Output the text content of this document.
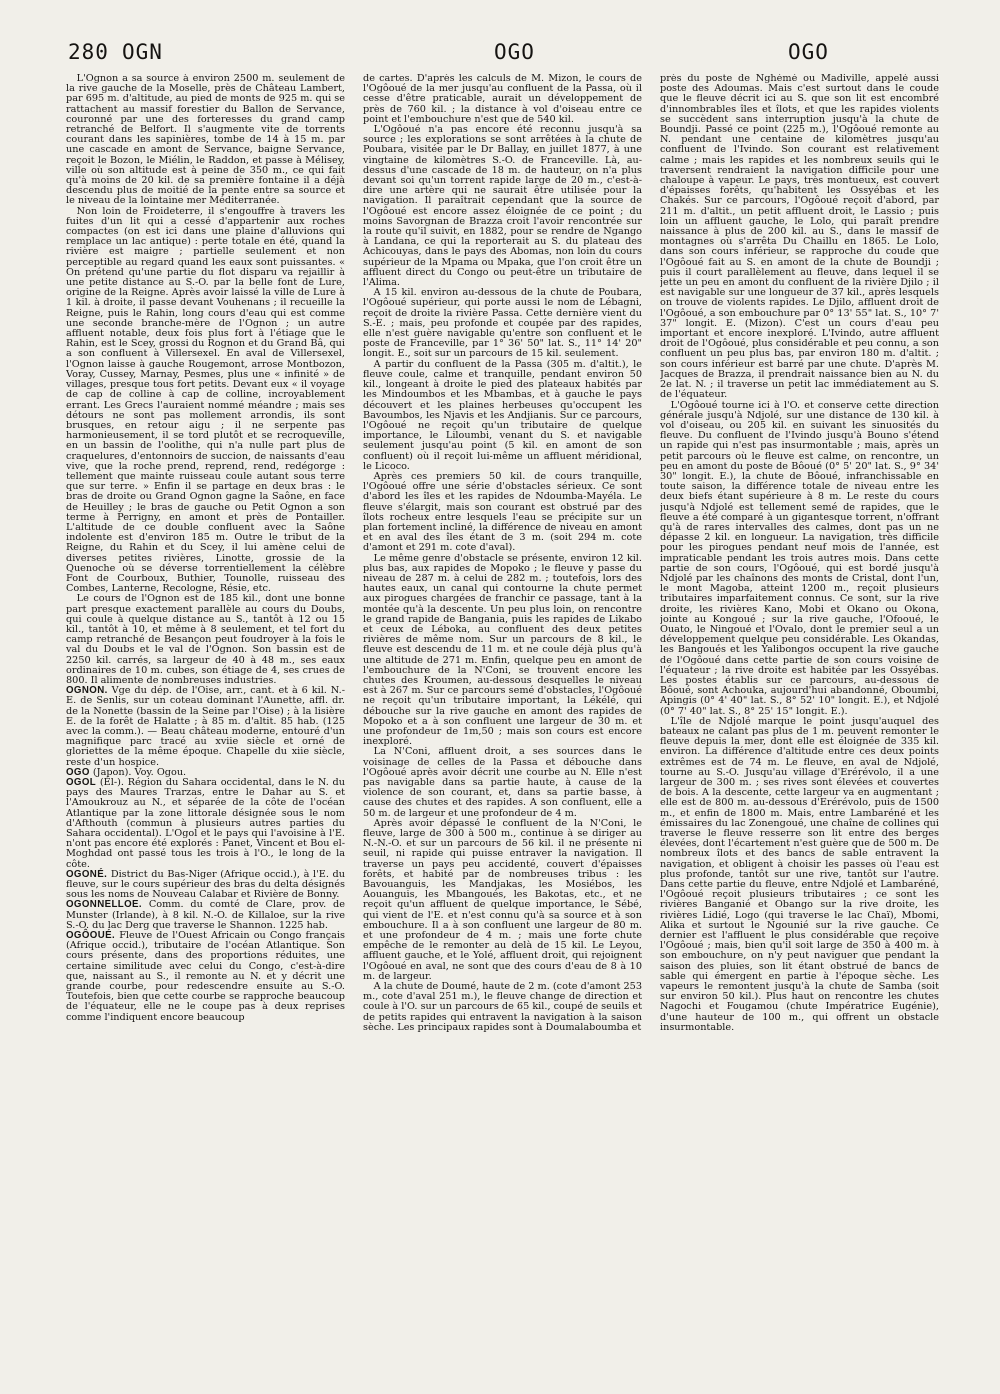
280 OGN	OGO	OGO

L'Ognon a sa source à environ 2500 m. seulement de la rive gauche de la Moselle, près de Château Lambert, par 695 m. d'altitude, au pied de monts de 925 m. qui se rattachent au massif forestier du Ballon de Servance, couronné par une des forteresses du grand camp retranché de Belfort. Il s'augmente vite de torrents courant dans les sapinières, tombe de 14 à 15 m. par une cascade en amont de Servance, baigne Servance, reçoit le Bozon, le Miélin, le Raddon, et passe à Mélisey, ville où son altitude est à peine de 350 m., ce qui fait qu'à moins de 20 kil. de sa première fontaine il a déjà descendu plus de moitié de la pente entre sa source et le niveau de la lointaine mer Méditerranée.

Non loin de Froideterre, il s'engouffre à travers les fuites d'un lit qui a cessé d'appartenir aux roches compactes (on est ici dans une plaine d'alluvions qui remplace un lac antique) : perte totale en été, quand la rivière est maigre ; partielle seulement et non perceptible au regard quand les eaux sont puissantes. « On prétend qu'une partie du flot disparu va rejaillir à une petite distance au S.-O. par la belle font de Lure, origine de la Reigne. Après avoir laissé la ville de Lure à 1 kil. à droite, il passe devant Vouhenans ; il recueille la Reigne, puis le Rahin, long cours d'eau qui est comme une seconde branche-mère de l'Ognon ; un autre affluent notable, deux fois plus fort à l'étiage que le Rahin, est le Scey, grossi du Rognon et du Grand Bâ, qui a son confluent à Villersexel. En aval de Villersexel, l'Ognon laisse à gauche Rougemont, arrose Montbozon, Voray, Cussey, Marnay, Pesmes, plus une « infinité » de villages, presque tous fort petits. Devant eux « il voyage de cap de colline à cap de colline, incroyablement errant. Les Grecs l'auraient nommé méandre ; mais ses détours ne sont pas mollement arrondis, ils sont brusques, en retour aigu ; il ne serpente pas harmonieusement, il se tord plutôt et se recroqueville, en un bassin de l'oolithe, qui n'a nulle part plus de craquelures, d'entonnoirs de succion, de naissants d'eau vive, que la roche prend, reprend, rend, redégorge : tellement que mainte ruisseau coule autant sous terre que sur terre. » Enfin il se partage en deux bras : le bras de droite ou Grand Ognon gagne la Saône, en face de Heuilley ; le bras de gauche ou Petit Ognon a son terme à Perrigny, en amont et près de Pontailler. L'altitude de ce double confluent avec la Saône indolente est d'environ 185 m. Outre le tribut de la Reigne, du Rahin et du Scey, il lui amène celui de diverses petites rivières, Linotte, grossie de la Quenoche où se déverse torrentiellement la célèbre Font de Courboux, Buthier, Tounolle, ruisseau des Combes, Lanterne, Recologne, Résie, etc.

Le cours de l'Ognon est de 185 kil., dont une bonne part presque exactement parallèle au cours du Doubs, qui coule à quelque distance au S., tantôt à 12 ou 15 kil., tantôt à 10, et même à 8 seulement, et tel fort du camp retranché de Besançon peut foudroyer à la fois le val du Doubs et le val de l'Ognon. Son bassin est de 2250 kil. carrés, sa largeur de 40 à 48 m., ses eaux ordinaires de 10 m. cubes, son étiage de 4, ses crues de 800. Il alimente de nombreuses industries.

OGNON. Vge du dép. de l'Oise, arr., cant. et à 6 kil. N.-E. de Senlis, sur un coteau dominant l'Aunette, affl. dr. de la Nonette (bassin de la Seine par l'Oise) ; à la lisière E. de la forêt de Halatte ; à 85 m. d'altit. 85 hab. (125 avec la comm.). — Beau château moderne, entouré d'un magnifique parc tracé au xviie siècle et orné de gloriettes de la même époque. Chapelle du xiie siècle, reste d'un hospice.

OGO (Japon). Voy. Ogou.

OGOL (Él-). Région du Sahara occidental, dans le N. du pays des Maures Trarzas, entre le Dahar au S. et l'Amoukrouz au N., et séparée de la côte de l'océan Atlantique par la zone littorale désignée sous le nom d'Afthouth (commun à plusieurs autres parties du Sahara occidental). L'Ogol et le pays qui l'avoisine à l'E. n'ont pas encore été explorés : Panet, Vincent et Bou el-Moghdad ont passé tous les trois à l'O., le long de la côte.

OGONÉ. District du Bas-Niger (Afrique occid.), à l'E. du fleuve, sur le cours supérieur des bras du delta désignés sous les noms de Nouveau Calabar et Rivière de Bonny.

OGONNELLOE. Comm. du comté de Clare, prov. de Munster (Irlande), à 8 kil. N.-O. de Killaloe, sur la rive S.-O. du lac Derg que traverse le Shannon. 1225 hab.

OGÔOUÉ. Fleuve de l'Ouest Africain ou Congo français (Afrique occid.), tributaire de l'océan Atlantique. Son cours présente, dans des proportions réduites, une certaine similitude avec celui du Congo, c'est-à-dire que, naissant au S., il remonte au N. et y décrit une grande courbe, pour redescendre ensuite au S.-O. Toutefois, bien que cette courbe se rapproche beaucoup de l'équateur, elle ne le coupe pas à deux reprises comme l'indiquent encore beaucoup

de cartes. D'après les calculs de M. Mizon, le cours de l'Ogôoué de la mer jusqu'au confluent de la Passa, où il cesse d'être praticable, aurait un développement de près de 760 kil. ; la distance à vol d'oiseau entre ce point et l'embouchure n'est que de 540 kil.

L'Ogôoué n'a pas encore été reconnu jusqu'à sa source ; les explorations se sont arrêtées à la chute de Poubara, visitée par le Dr Ballay, en juillet 1877, à une vingtaine de kilomètres S.-O. de Franceville. Là, au-dessus d'une cascade de 18 m. de hauteur, on n'a plus devant soi qu'un torrent rapide large de 20 m., c'est-à-dire une artère qui ne saurait être utilisée pour la navigation. Il paraîtrait cependant que la source de l'Ogôoué est encore assez éloignée de ce point ; du moins Savorgnan de Brazza croit l'avoir rencontrée sur la route qu'il suivit, en 1882, pour se rendre de Ngango à Landana, ce qui la reporterait au S. du plateau des Achicouyas, dans le pays des Abomas, non loin du cours supérieur de la Mpama ou Mpaka, que l'on croit être un affluent direct du Congo ou peut-être un tributaire de l'Alima.

A 15 kil. environ au-dessous de la chute de Poubara, l'Ogôoué supérieur, qui porte aussi le nom de Lébagni, reçoit de droite la rivière Passa. Cette dernière vient du S.-E. ; mais, peu profonde et coupée par des rapides, elle n'est guère navigable qu'entre son confluent et le poste de Franceville, par 1° 36' 50" lat. S., 11° 14' 20" longit. E., soit sur un parcours de 15 kil. seulement.

A partir du confluent de la Passa (305 m. d'altit.), le fleuve coule, calme et tranquille, pendant environ 50 kil., longeant à droite le pied des plateaux habités par les Mindoumbos et les Mbambas, et à gauche le pays découvert et les plaines herbeuses qu'occupent les Bavoumbos, les Njavis et les Andjianis. Sur ce parcours, l'Ogôoué ne reçoit qu'un tributaire de quelque importance, le Liloumbi, venant du S. et navigable seulement jusqu'au point (5 kil. en amont de son confluent) où il reçoit lui-même un affluent méridional, le Licoco.

Après ces premiers 50 kil. de cours tranquille, l'Ogôoué offre une série d'obstacles sérieux. Ce sont d'abord les îles et les rapides de Ndoumba-Mayéla. Le fleuve s'élargit, mais son courant est obstrué par des îlots rocheux entre lesquels l'eau se précipite sur un plan fortement incliné, la différence de niveau en amont et en aval des îles étant de 3 m. (soit 294 m. cote d'amont et 291 m. cote d'aval).

Le même genre d'obstacle se présente, environ 12 kil. plus bas, aux rapides de Mopoko ; le fleuve y passe du niveau de 287 m. à celui de 282 m. ; toutefois, lors des hautes eaux, un canal qui contourne la chute permet aux pirogues chargées de franchir ce passage, tant à la montée qu'à la descente. Un peu plus loin, on rencontre le grand rapide de Bangania, puis les rapides de Likabo et ceux de Léboka, au confluent des deux petites rivières de même nom. Sur un parcours de 8 kil., le fleuve est descendu de 11 m. et ne coule déjà plus qu'à une altitude de 271 m. Enfin, quelque peu en amont de l'embouchure de la N'Coni, se trouvent encore les chutes des Kroumen, au-dessous desquelles le niveau est à 267 m. Sur ce parcours semé d'obstacles, l'Ogôoué ne reçoit qu'un tributaire important, la Lékélé, qui débouche sur la rive gauche en amont des rapides de Mopoko et a à son confluent une largeur de 30 m. et une profondeur de 1m,50 ; mais son cours est encore inexploré.

La N'Coni, affluent droit, a ses sources dans le voisinage de celles de la Passa et débouche dans l'Ogôoué après avoir décrit une courbe au N. Elle n'est pas navigable dans sa partie haute, à cause de la violence de son courant, et, dans sa partie basse, à cause des chutes et des rapides. A son confluent, elle a 50 m. de largeur et une profondeur de 4 m.

Après avoir dépassé le confluent de la N'Coni, le fleuve, large de 300 à 500 m., continue à se diriger au N.-N.-O. et sur un parcours de 56 kil. il ne présente ni seuil, ni rapide qui puisse entraver la navigation. Il traverse un pays peu accidenté, couvert d'épaisses forêts, et habité par de nombreuses tribus : les Bavouanguis, les Mandjakas, les Mosiébos, les Aouanguis, les Mbangoués, les Bakotas, etc., et ne reçoit qu'un affluent de quelque importance, le Sébé, qui vient de l'E. et n'est connu qu'à sa source et à son embouchure. Il a à son confluent une largeur de 80 m. et une profondeur de 4 m. ; mais une forte chute empêche de le remonter au delà de 15 kil. Le Leyou, affluent gauche, et le Yolé, affluent droit, qui rejoignent l'Ogôoué en aval, ne sont que des cours d'eau de 8 à 10 m. de largeur.

A la chute de Doumé, haute de 2 m. (cote d'amont 253 m., cote d'aval 251 m.), le fleuve change de direction et coule à l'O. sur un parcours de 65 kil., coupé de seuils et de petits rapides qui entravent la navigation à la saison sèche. Les principaux rapides sont à Doumalaboumba et

près du poste de Nghémé ou Madiville, appelé aussi poste des Adoumas. Mais c'est surtout dans le coude que le fleuve décrit ici au S. que son lit est encombré d'innombrables îles et îlots, et que les rapides violents se succèdent sans interruption jusqu'à la chute de Boundji. Passé ce point (225 m.), l'Ogôoué remonte au N. pendant une centaine de kilomètres jusqu'au confluent de l'Ivindo. Son courant est relativement calme ; mais les rapides et les nombreux seuils qui le traversent rendraient la navigation difficile pour une chaloupe à vapeur. Le pays, très montueux, est couvert d'épaisses forêts, qu'habitent les Ossyébas et les Chakés. Sur ce parcours, l'Ogôoué reçoit d'abord, par 211 m. d'altit., un petit affluent droit, le Lassio ; puis loin un affluent gauche, le Lolo, qui paraît prendre naissance à plus de 200 kil. au S., dans le massif de montagnes où s'arrêta Du Chaillu en 1865. Le Lolo, dans son cours inférieur, se rapproche du coude que l'Ogôoué fait au S. en amont de la chute de Boundji ; puis il court parallèlement au fleuve, dans lequel il se jette un peu en amont du confluent de la rivière Djilo ; il est navigable sur une longueur de 37 kil., après lesquels on trouve de violents rapides. Le Djilo, affluent droit de l'Ogôoué, a son embouchure par 0° 13' 55" lat. S., 10° 7' 37" longit. E. (Mizon). C'est un cours d'eau peu important et encore inexploré. L'Ivindo, autre affluent droit de l'Ogôoué, plus considérable et peu connu, a son confluent un peu plus bas, par environ 180 m. d'altit. ; son cours inférieur est barré par une chute. D'après M. Jacques de Brazza, il prendrait naissance bien au N. du 2e lat. N. ; il traverse un petit lac immédiatement au S. de l'équateur.

L'Ogôoué tourne ici à l'O. et conserve cette direction générale jusqu'à Ndjolé, sur une distance de 130 kil. à vol d'oiseau, ou 205 kil. en suivant les sinuosités du fleuve. Du confluent de l'Ivindo jusqu'à Bouno s'étend un rapide qui n'est pas insurmontable ; mais, après un petit parcours où le fleuve est calme, on rencontre, un peu en amont du poste de Bôoué (0° 5' 20" lat. S., 9° 34' 30" longit. E.), la chute de Bôoué, infranchissable en toute saison, la différence totale de niveau entre les deux biefs étant supérieure à 8 m. Le reste du cours jusqu'à Ndjolé est tellement semé de rapides, que le fleuve a été comparé à un gigantesque torrent, n'offrant qu'à de rares intervalles des calmes, dont pas un ne dépasse 2 kil. en longueur. La navigation, très difficile pour les pirogues pendant neuf mois de l'année, est impraticable pendant les trois autres mois. Dans cette partie de son cours, l'Ogôoué, qui est bordé jusqu'à Ndjolé par les chaînons des monts de Cristal, dont l'un, le mont Magoba, atteint 1200 m., reçoit plusieurs tributaires imparfaitement connus. Ce sont, sur la rive droite, les rivières Kano, Mobi et Okano ou Okona, jointe au Kongoué ; sur la rive gauche, l'Ofooué, le Ouato, le Ningoué et l'Ovalo, dont le premier seul a un développement quelque peu considérable. Les Okandas, les Bangoués et les Yalibongos occupent la rive gauche de l'Ogôoué dans cette partie de son cours voisine de l'équateur ; la rive droite est habitée par les Ossyébas. Les postes établis sur ce parcours, au-dessous de Bôoué, sont Achouka, aujourd'hui abandonné, Oboumbi, Apingis (0° 4' 40" lat. S., 8° 52' 10" longit. E.), et Ndjolé (0° 7' 40" lat. S., 8° 25' 15" longit. E.).

L'île de Ndjolé marque le point jusqu'auquel des bateaux ne calant pas plus de 1 m. peuvent remonter le fleuve depuis la mer, dont elle est éloignée de 335 kil. environ. La différence d'altitude entre ces deux points extrêmes est de 74 m. Le fleuve, en aval de Ndjolé, tourne au S.-O. Jusqu'au village d'Erérévolo, il a une largeur de 300 m. ; ses rives sont élevées et couvertes de bois. A la descente, cette largeur va en augmentant ; elle est de 800 m. au-dessous d'Erérévolo, puis de 1500 m., et enfin de 1800 m. Mais, entre Lambaréné et les émissaires du lac Zonengoué, une chaîne de collines qui traverse le fleuve resserre son lit entre des berges élevées, dont l'écartement n'est guère que de 500 m. De nombreux îlots et des bancs de sable entravent la navigation, et obligent à choisir les passes où l'eau est plus profonde, tantôt sur une rive, tantôt sur l'autre. Dans cette partie du fleuve, entre Ndjolé et Lambaréné, l'Ogôoué reçoit plusieurs tributaires ; ce sont les rivières Banganié et Obango sur la rive droite, les rivières Lidié, Logo (qui traverse le lac Chaï), Mbomi, Alika et surtout le Ngounié sur la rive gauche. Ce dernier est l'affluent le plus considérable que reçoive l'Ogôoué ; mais, bien qu'il soit large de 350 à 400 m. à son embouchure, on n'y peut naviguer que pendant la saison des pluies, son lit étant obstrué de bancs de sable qui émergent en partie à l'époque sèche. Les vapeurs le remontent jusqu'à la chute de Samba (soit sur environ 50 kil.). Plus haut on rencontre les chutes Nagochi et Fougamou (chute Impératrice Eugénie), d'une hauteur de 100 m., qui offrent un obstacle insurmontable.
